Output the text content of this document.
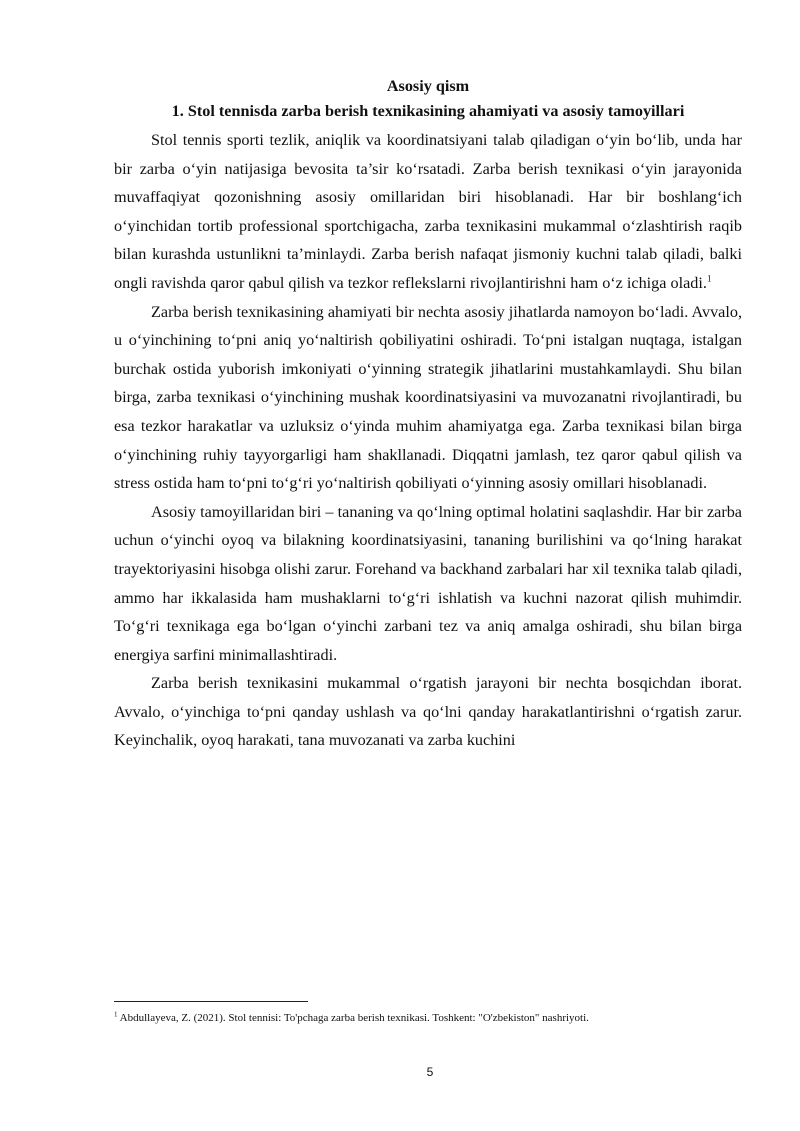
Asosiy qism
1. Stol tennisda zarba berish texnikasining ahamiyati va asosiy tamoyillari

Stol tennis sporti tezlik, aniqlik va koordinatsiyani talab qiladigan o‘yin bo‘lib, unda har bir zarba o‘yin natijasiga bevosita ta’sir ko‘rsatadi. Zarba berish texnikasi o‘yin jarayonida muvaffaqiyat qozonishning asosiy omillaridan biri hisoblanadi. Har bir boshlang‘ich o‘yinchidan tortib professional sportchigacha, zarba texnikasini mukammal o‘zlashtirish raqib bilan kurashda ustunlikni ta’minlaydi. Zarba berish nafaqat jismoniy kuchni talab qiladi, balki ongli ravishda qaror qabul qilish va tezkor reflekslarni rivojlantirishni ham o‘z ichiga oladi.$^1$

Zarba berish texnikasining ahamiyati bir nechta asosiy jihatlarda namoyon bo‘ladi. Avvalo, u o‘yinchining to‘pni aniq yo‘naltirish qobiliyatini oshiradi. To‘pni istalgan nuqtaga, istalgan burchak ostida yuborish imkoniyati o‘yinning strategik jihatlarini mustahkamlaydi. Shu bilan birga, zarba texnikasi o‘yinchining mushak koordinatsiyasini va muvozanatni rivojlantiradi, bu esa tezkor harakatlar va uzluksiz o‘yinda muhim ahamiyatga ega. Zarba texnikasi bilan birga o‘yinchining ruhiy tayyorgarligi ham shakllanadi. Diqqatni jamlash, tez qaror qabul qilish va stress ostida ham to‘pni to‘g‘ri yo‘naltirish qobiliyati o‘yinning asosiy omillari hisoblanadi.

Asosiy tamoyillaridan biri – tananing va qo‘lning optimal holatini saqlashdir. Har bir zarba uchun o‘yinchi oyoq va bilakning koordinatsiyasini, tananing burilishini va qo‘lning harakat trayektoriyasini hisobga olishi zarur. Forehand va backhand zarbalari har xil texnika talab qiladi, ammo har ikkalasida ham mushaklarni to‘g‘ri ishlatish va kuchni nazorat qilish muhimdir. To‘g‘ri texnikaga ega bo‘lgan o‘yinchi zarbani tez va aniq amalga oshiradi, shu bilan birga energiya sarfini minimallashtiradi.

Zarba berish texnikasini mukammal o‘rgatish jarayoni bir nechta bosqichdan iborat. Avvalo, o‘yinchiga to‘pni qanday ushlash va qo‘lni qanday harakatlantirishni o‘rgatish zarur. Keyinchalik, oyoq harakati, tana muvozanati va zarba kuchini

$^1$ Abdullayeva, Z. (2021). Stol tennisi: To'pchaga zarba berish texnikasi. Toshkent: "O'zbekiston" nashriyoti.
5
